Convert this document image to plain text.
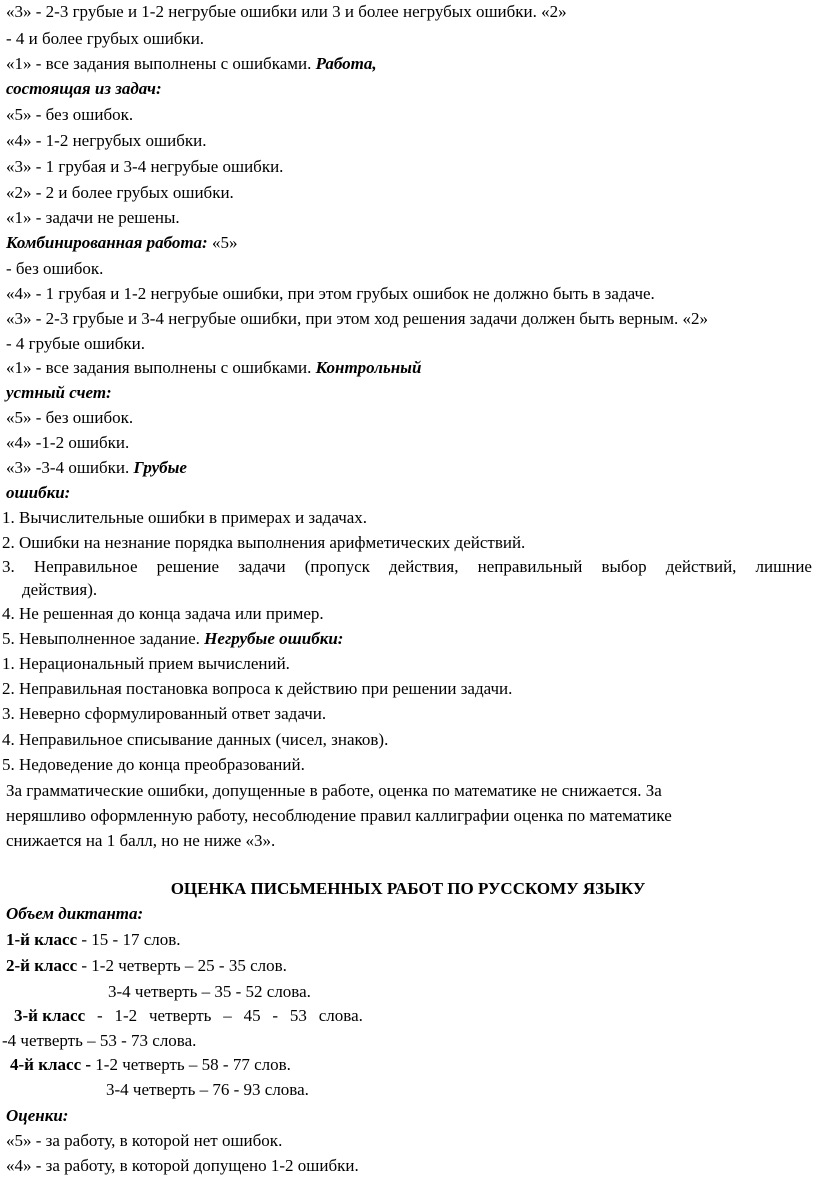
«3» - 2-3 грубые и 1-2 негрубые ошибки или 3 и более негрубых ошибки. «2»
- 4 и более грубых ошибки.
«1» - все задания выполнены с ошибками. Работа,
состоящая из задач:
«5» - без ошибок.
«4» - 1-2 негрубых ошибки.
«3» - 1 грубая и 3-4 негрубые ошибки.
«2» - 2 и более грубых ошибки.
«1» - задачи не решены.
Комбинированная работа: «5»
- без ошибок.
«4» - 1 грубая и 1-2 негрубые ошибки, при этом грубых ошибок не должно быть в задаче.
«3» - 2-3 грубые и 3-4 негрубые ошибки, при этом ход решения задачи должен быть верным. «2»
- 4 грубые ошибки.
«1» - все задания выполнены с ошибками. Контрольный
устный счет:
«5» - без ошибок.
«4» -1-2 ошибки.
«3» -3-4 ошибки. Грубые
ошибки:
1. Вычислительные ошибки в примерах и задачах.
2. Ошибки на незнание порядка выполнения арифметических действий.
3. Неправильное решение задачи (пропуск действия, неправильный выбор действий, лишние
действия).
4. Не решенная до конца задача или пример.
5. Невыполненное задание. Негрубые ошибки:
1. Нерациональный прием вычислений.
2. Неправильная постановка вопроса к действию при решении задачи.
3. Неверно сформулированный ответ задачи.
4. Неправильное списывание данных (чисел, знаков).
5. Недоведение до конца преобразований.
За грамматические ошибки, допущенные в работе, оценка по математике не снижается. За
неряшливо оформленную работу, несоблюдение правил каллиграфии оценка по математике
снижается на 1 балл, но не ниже «3».
ОЦЕНКА ПИСЬМЕННЫХ РАБОТ ПО РУССКОМУ ЯЗЫКУ
Объем диктанта:
1-й класс - 15 - 17 слов.
2-й класс - 1-2 четверть – 25 - 35 слов.
3-4 четверть – 35 - 52 слова.
3-й класс - 1-2 четверть – 45 - 53 слова.
-4 четверть – 53 - 73 слова.
4-й класс - 1-2 четверть – 58 - 77 слов.
3-4 четверть – 76 - 93 слова.
Оценки:
«5» - за работу, в которой нет ошибок.
«4» - за работу, в которой допущено 1-2 ошибки.
